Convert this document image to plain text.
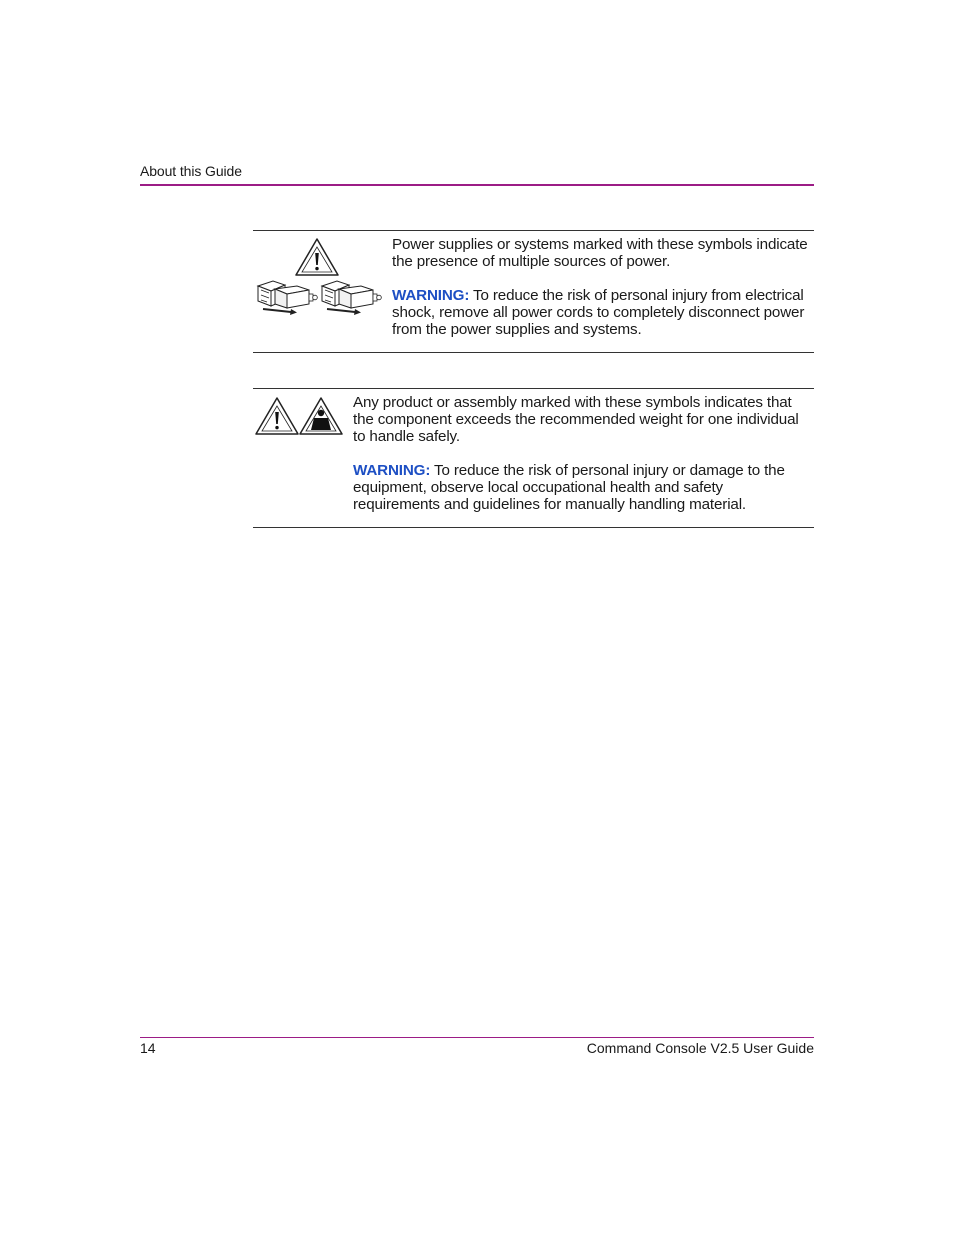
About this Guide

Power supplies or systems marked with these symbols indicate the presence of multiple sources of power.

WARNING: To reduce the risk of personal injury from electrical shock, remove all power cords to completely disconnect power from the power supplies and systems.

Any product or assembly marked with these symbols indicates that the component exceeds the recommended weight for one individual to handle safely.

WARNING: To reduce the risk of personal injury or damage to the equipment, observe local occupational health and safety requirements and guidelines for manually handling material.

14	Command Console V2.5 User Guide
